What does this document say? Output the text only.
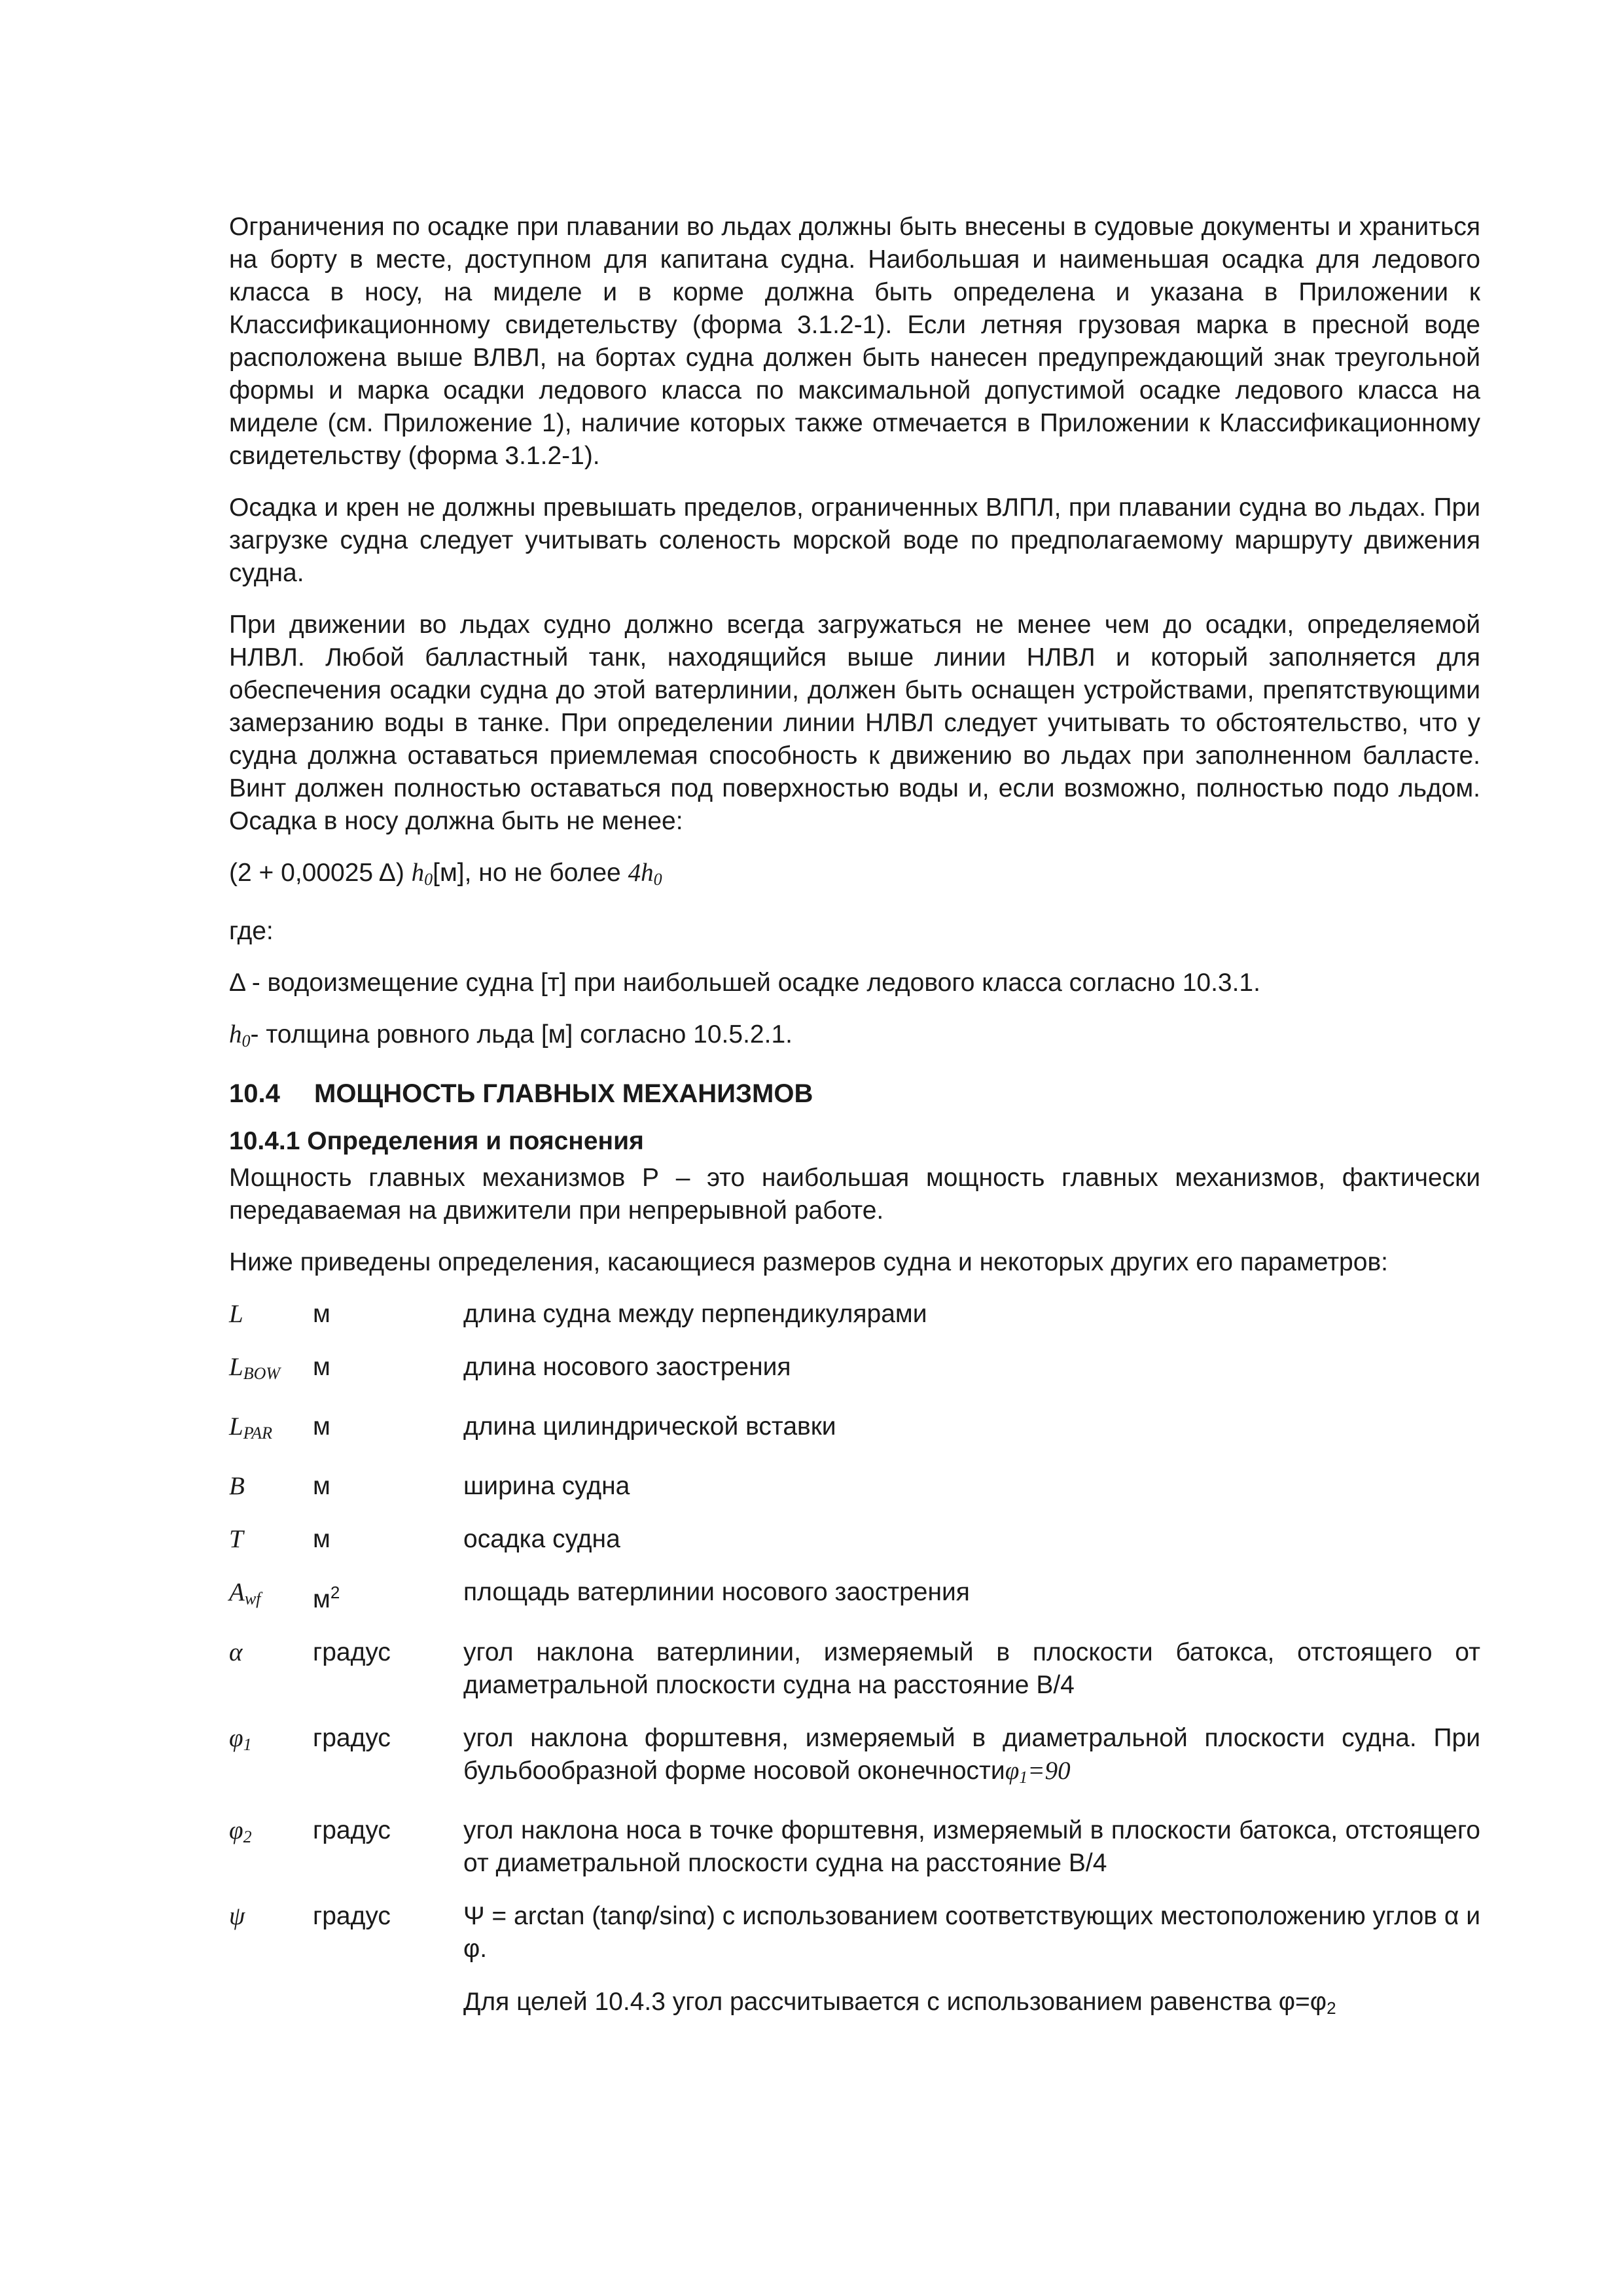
Ограничения по осадке при плавании во льдах должны быть внесены в судовые документы и храниться на борту в месте, доступном для капитана судна. Наибольшая и наименьшая осадка для ледового класса в носу, на миделе и в корме должна быть определена и указана в Приложении к Классификационному свидетельству (форма 3.1.2-1). Если летняя грузовая марка в пресной воде расположена выше ВЛВЛ, на бортах судна должен быть нанесен предупреждающий знак треугольной формы и марка осадки ледового класса по максимальной допустимой осадке ледового класса на миделе (см. Приложение 1), наличие которых также отмечается в Приложении к Классификационному свидетельству (форма 3.1.2-1).

Осадка и крен не должны превышать пределов, ограниченных ВЛПЛ, при плавании судна во льдах. При загрузке судна следует учитывать соленость морской воде по предполагаемому маршруту движения судна.

При движении во льдах судно должно всегда загружаться не менее чем до осадки, определяемой НЛВЛ. Любой балластный танк, находящийся выше линии НЛВЛ и который заполняется для обеспечения осадки судна до этой ватерлинии, должен быть оснащен устройствами, препятствующими замерзанию воды в танке. При определении линии НЛВЛ следует учитывать то обстоятельство, что у судна должна оставаться приемлемая способность к движению во льдах при заполненном балласте. Винт должен полностью оставаться под поверхностью воды и, если возможно, полностью подо льдом. Осадка в носу должна быть не менее:

(2 + 0,00025 Δ) $h_0[м]$, но не более $4h_0$

где:

Δ - водоизмещение судна [т] при наибольшей осадке ледового класса согласно 10.3.1.

$h_0-$ толщина ровного льда [м] согласно 10.5.2.1.

10.4 МОЩНОСТЬ ГЛАВНЫХ МЕХАНИЗМОВ
10.4.1 Определения и пояснения

Мощность главных механизмов Р – это наибольшая мощность главных механизмов, фактически передаваемая на движители при непрерывной работе.

Ниже приведены определения, касающиеся размеров судна и некоторых других его параметров:

L	м	длина судна между перпендикулярами
$L_{BOW}$	м	длина носового заострения
$L_{PAR}$	м	длина цилиндрической вставки
B	м	ширина судна
T	м	осадка судна
$A_{wf}$	$м^2$	площадь ватерлинии носового заострения
α	градус	угол наклона ватерлинии, измеряемый в плоскости батокса, отстоящего от диаметральной плоскости судна на расстояние В/4
$\varphi_1$	градус	угол наклона форштевня, измеряемый в диаметральной плоскости судна. При бульбообразной форме носовой оконечностиφ$_1$=90
$\varphi_2$	градус	угол наклона носа в точке форштевня, измеряемый в плоскости батокса, отстоящего от диаметральной плоскости судна на расстояние В/4
ψ	градус	Ψ = arctan (tanφ/sinα) с использованием соответствующих местоположению углов α и φ.
		Для целей 10.4.3 угол рассчитывается с использованием равенства $\varphi=\varphi_2$
